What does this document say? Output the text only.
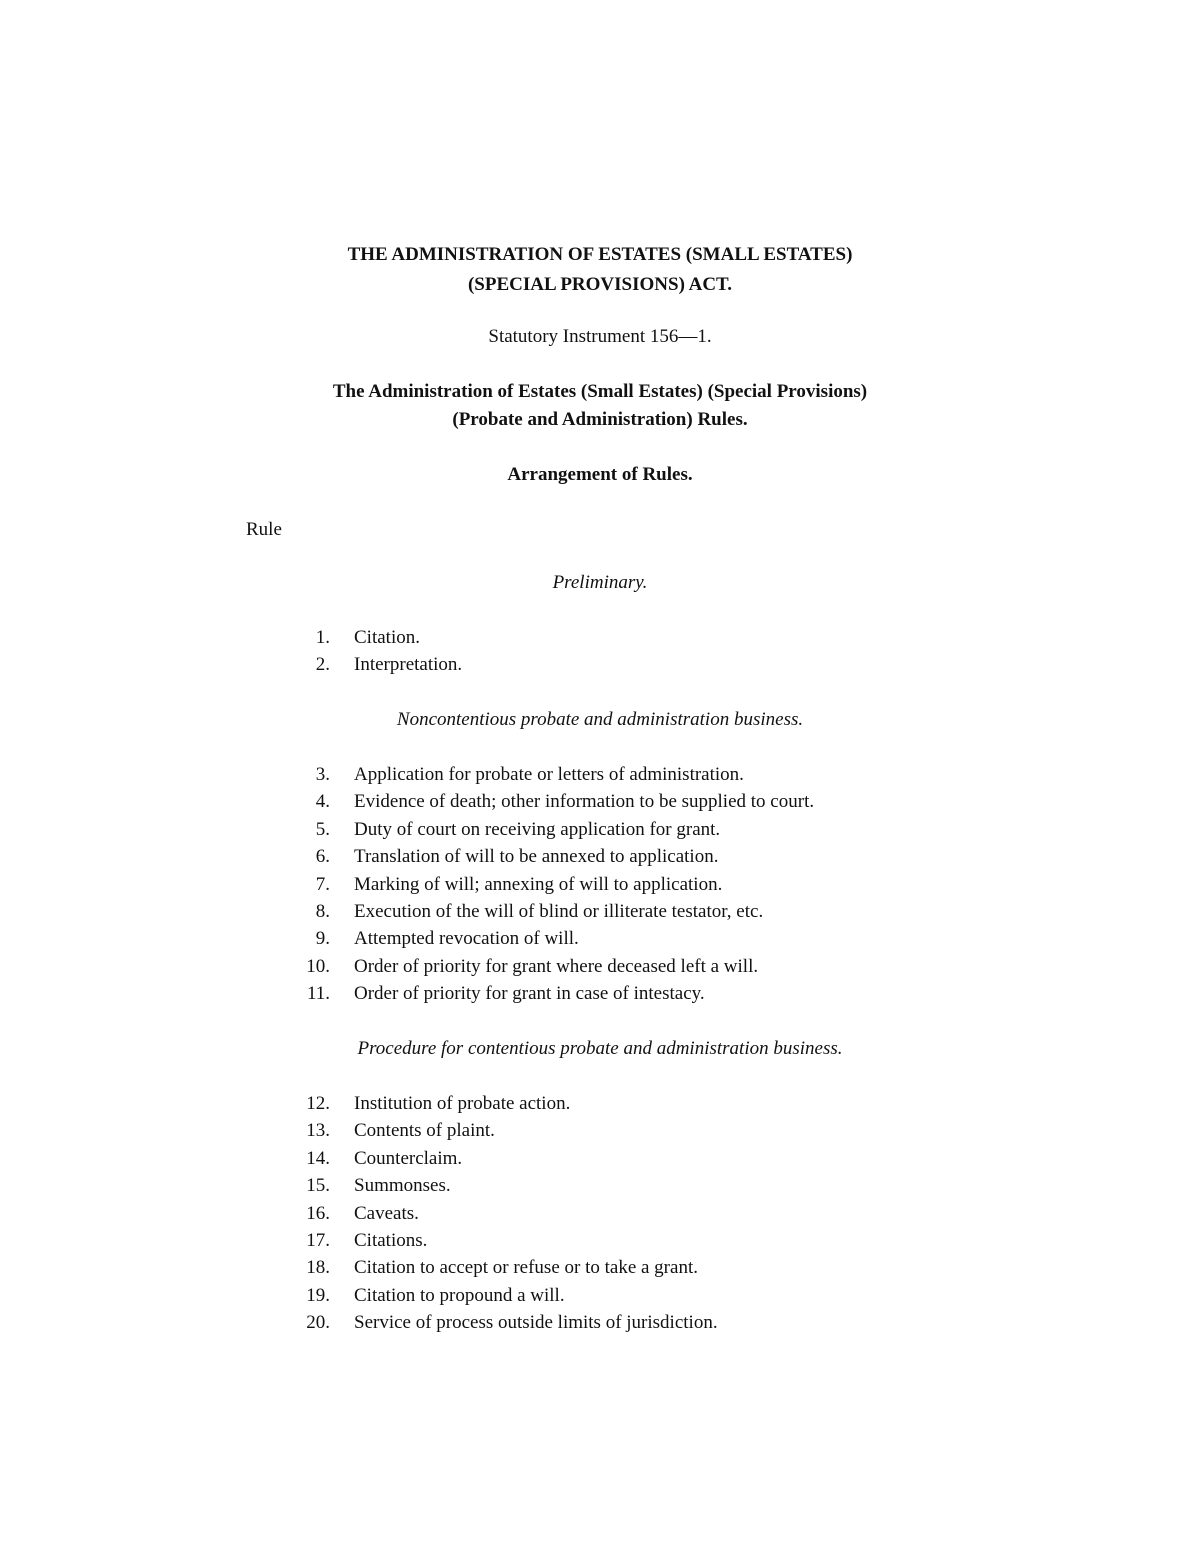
THE ADMINISTRATION OF ESTATES (SMALL ESTATES)
(SPECIAL PROVISIONS) ACT.
Statutory Instrument 156—1.
The Administration of Estates (Small Estates) (Special Provisions)
(Probate and Administration) Rules.
Arrangement of Rules.
Rule
Preliminary.
1. Citation.
2. Interpretation.
Noncontentious probate and administration business.
3. Application for probate or letters of administration.
4. Evidence of death; other information to be supplied to court.
5. Duty of court on receiving application for grant.
6. Translation of will to be annexed to application.
7. Marking of will; annexing of will to application.
8. Execution of the will of blind or illiterate testator, etc.
9. Attempted revocation of will.
10. Order of priority for grant where deceased left a will.
11. Order of priority for grant in case of intestacy.
Procedure for contentious probate and administration business.
12. Institution of probate action.
13. Contents of plaint.
14. Counterclaim.
15. Summonses.
16. Caveats.
17. Citations.
18. Citation to accept or refuse or to take a grant.
19. Citation to propound a will.
20. Service of process outside limits of jurisdiction.
